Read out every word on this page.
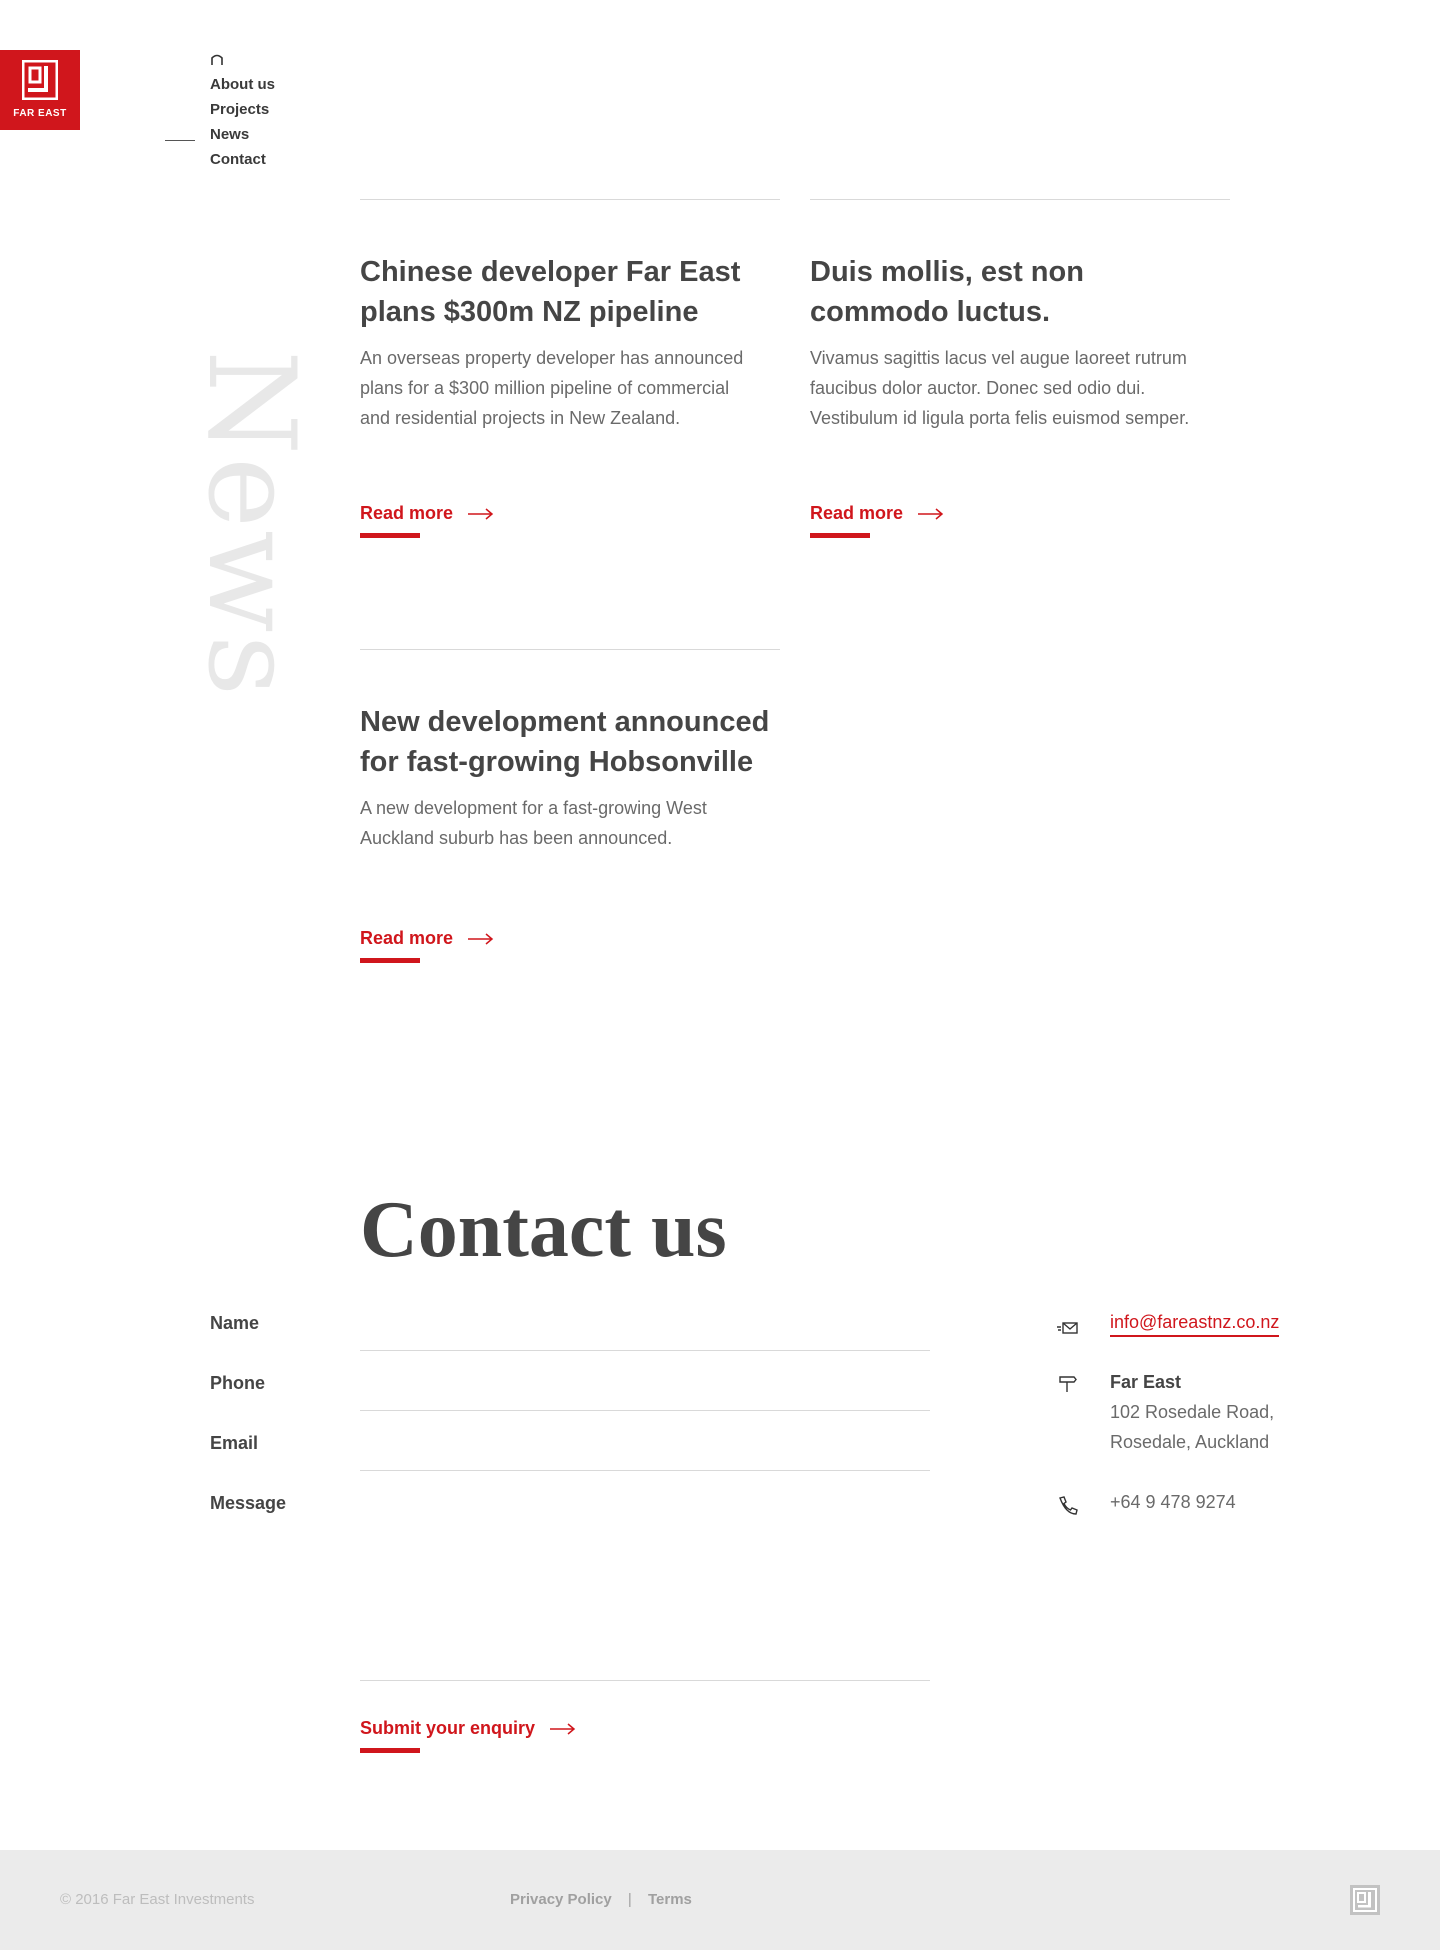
FAR EAST
About us
Projects
News
Contact
News
Chinese developer Far East plans $300m NZ pipeline

An overseas property developer has announced plans for a $300 million pipeline of commercial and residential projects in New Zealand.

Read more
Duis mollis, est non commodo luctus.

Vivamus sagittis lacus vel augue laoreet rutrum faucibus dolor auctor. Donec sed odio dui. Vestibulum id ligula porta felis euismod semper.

Read more
New development announced for fast-growing Hobsonville

A new development for a fast-growing West Auckland suburb has been announced.

Read more
Contact us
Name
Phone
Email
Message
Submit your enquiry
info@fareastnz.co.nz
Far East
102 Rosedale Road,
Rosedale, Auckland
+64 9 478 9274
© 2016 Far East Investments	Privacy Policy | Terms
